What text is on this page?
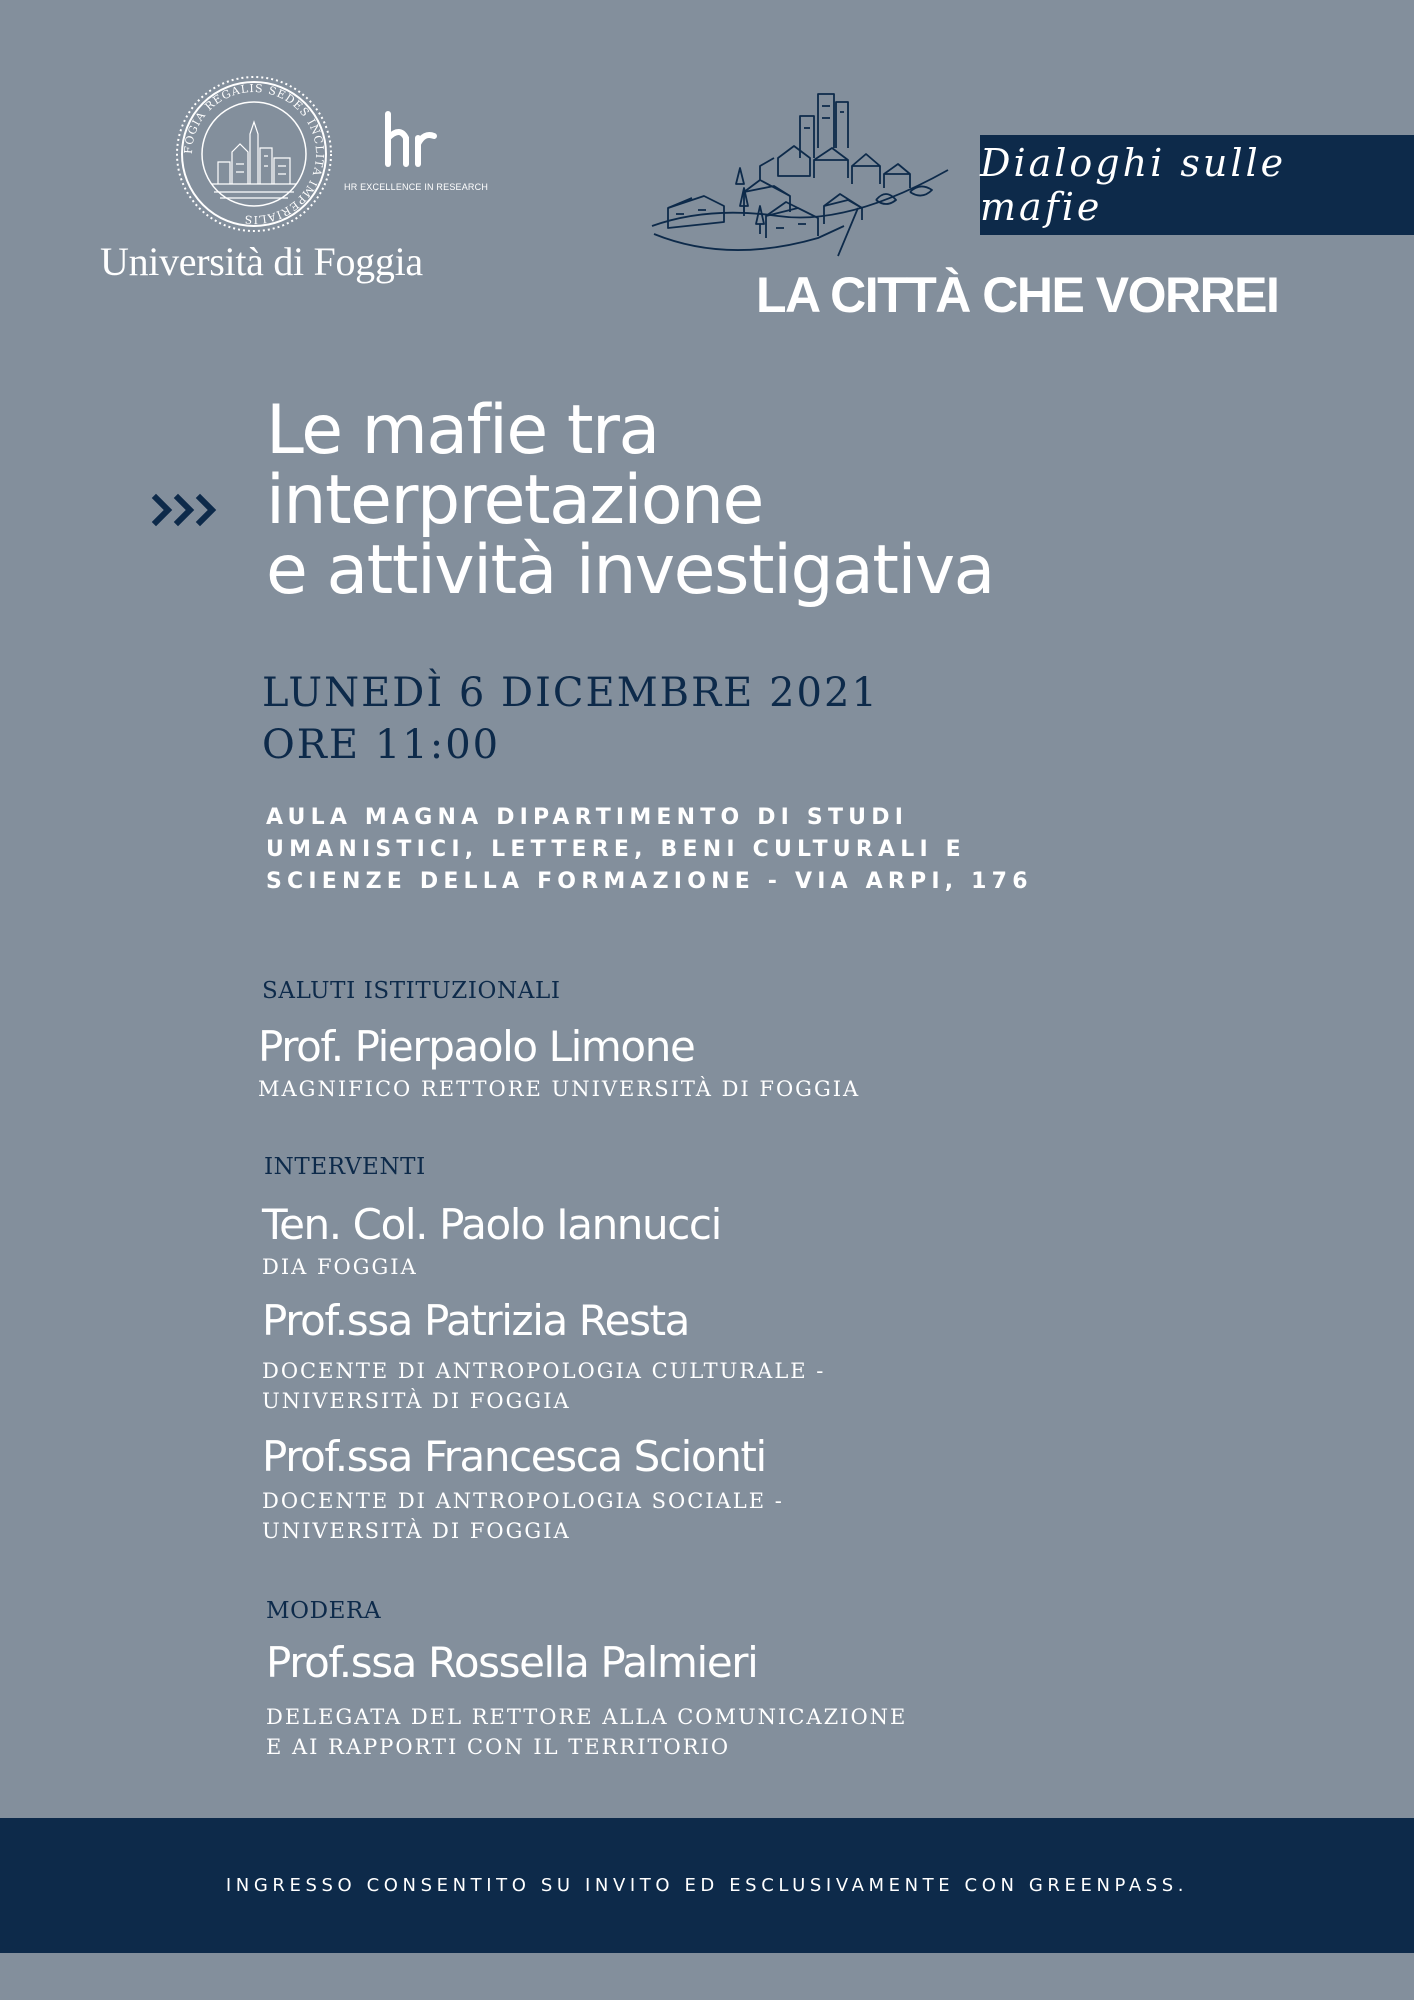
FOGIA REGALIS SEDES INCLITA IMPERIALIS
Università di Foggia
HR EXCELLENCE IN RESEARCH
Dialoghi sulle mafie
LA CITTÀ CHE VORREI
Le mafie tra
interpretazione
e attività investigativa
LUNEDÌ 6 DICEMBRE 2021
ORE 11:00
AULA MAGNA DIPARTIMENTO DI STUDI
UMANISTICI, LETTERE, BENI CULTURALI E
SCIENZE DELLA FORMAZIONE - VIA ARPI, 176
SALUTI ISTITUZIONALI
Prof. Pierpaolo Limone
MAGNIFICO RETTORE UNIVERSITÀ DI FOGGIA
INTERVENTI
Ten. Col. Paolo Iannucci
DIA FOGGIA
Prof.ssa Patrizia Resta
DOCENTE DI ANTROPOLOGIA CULTURALE -
UNIVERSITÀ DI FOGGIA
Prof.ssa Francesca Scionti
DOCENTE DI ANTROPOLOGIA SOCIALE -
UNIVERSITÀ DI FOGGIA
MODERA
Prof.ssa Rossella Palmieri
DELEGATA DEL RETTORE ALLA COMUNICAZIONE
E AI RAPPORTI CON IL TERRITORIO
INGRESSO CONSENTITO SU INVITO ED ESCLUSIVAMENTE CON GREENPASS.
